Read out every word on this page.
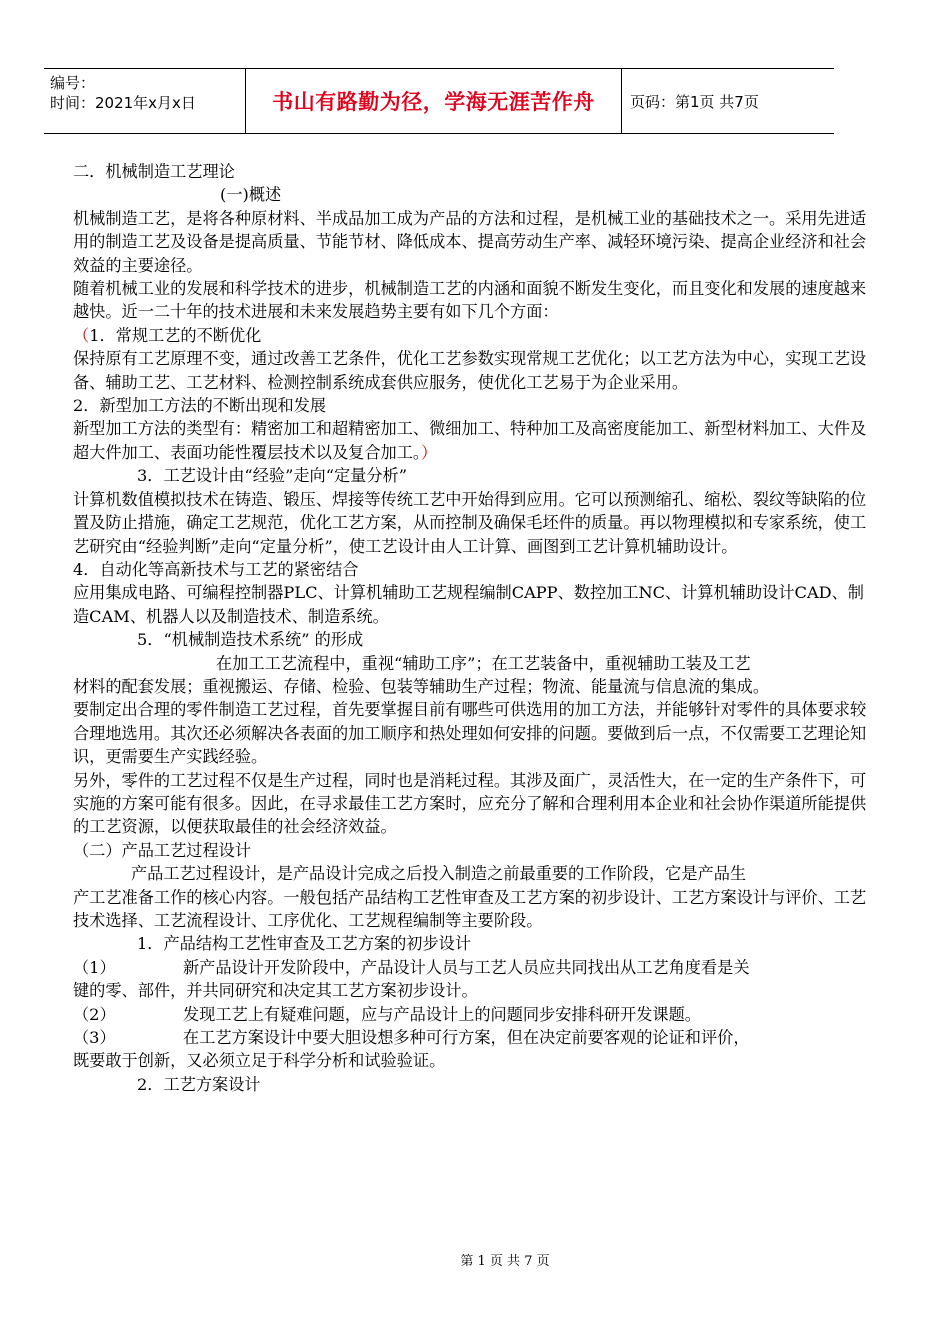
编号：
时间：2021年x月x日	书山有路勤为径，学海无涯苦作舟 页码：第1页 共7页

二．机械制造工艺理论

(一)概述

机械制造工艺，是将各种原材料、半成品加工成为产品的方法和过程，是机械工业的基础技术之一。采用先进适用的制造工艺及设备是提高质量、节能节材、降低成本、提高劳动生产率、减轻环境污染、提高企业经济和社会效益的主要途径。

随着机械工业的发展和科学技术的进步，机械制造工艺的内涵和面貌不断发生变化，而且变化和发展的速度越来越快。近一二十年的技术进展和未来发展趋势主要有如下几个方面：

（1．常规工艺的不断优化

保持原有工艺原理不变，通过改善工艺条件，优化工艺参数实现常规工艺优化；以工艺方法为中心，实现工艺设备、辅助工艺、工艺材料、检测控制系统成套供应服务，使优化工艺易于为企业采用。

2．新型加工方法的不断出现和发展

新型加工方法的类型有：精密加工和超精密加工、微细加工、特种加工及高密度能加工、新型材料加工、大件及超大件加工、表面功能性覆层技术以及复合加工。）

3．工艺设计由“经验”走向“定量分析”

计算机数值模拟技术在铸造、锻压、焊接等传统工艺中开始得到应用。它可以预测缩孔、缩松、裂纹等缺陷的位置及防止措施，确定工艺规范，优化工艺方案，从而控制及确保毛坯件的质量。再以物理模拟和专家系统，使工艺研究由“经验判断”走向“定量分析”，使工艺设计由人工计算、画图到工艺计算机辅助设计。

4．自动化等高新技术与工艺的紧密结合

应用集成电路、可编程控制器PLC、计算机辅助工艺规程编制CAPP、数控加工NC、计算机辅助设计CAD、制造CAM、机器人以及制造技术、制造系统。

5．“机械制造技术系统” 的形成

在加工工艺流程中，重视“辅助工序”；在工艺装备中，重视辅助工装及工艺

材料的配套发展；重视搬运、存储、检验、包装等辅助生产过程；物流、能量流与信息流的集成。

要制定出合理的零件制造工艺过程，首先要掌握目前有哪些可供选用的加工方法，并能够针对零件的具体要求较合理地选用。其次还必须解决各表面的加工顺序和热处理如何安排的问题。要做到后一点，不仅需要工艺理论知识，更需要生产实践经验。

另外，零件的工艺过程不仅是生产过程，同时也是消耗过程。其涉及面广，灵活性大，在一定的生产条件下，可实施的方案可能有很多。因此，在寻求最佳工艺方案时，应充分了解和合理利用本企业和社会协作渠道所能提供的工艺资源，以便获取最佳的社会经济效益。

（二）产品工艺过程设计

产品工艺过程设计，是产品设计完成之后投入制造之前最重要的工作阶段，它是产品生

产工艺准备工作的核心内容。一般包括产品结构工艺性审查及工艺方案的初步设计、工艺方案设计与评价、工艺技术选择、工艺流程设计、工序优化、工艺规程编制等主要阶段。

1．产品结构工艺性审查及工艺方案的初步设计

（1）	新产品设计开发阶段中，产品设计人员与工艺人员应共同找出从工艺角度看是关

键的零、部件，并共同研究和决定其工艺方案初步设计。

（2）	发现工艺上有疑难问题，应与产品设计上的问题同步安排科研开发课题。

（3）	在工艺方案设计中要大胆设想多种可行方案，但在决定前要客观的论证和评价，

既要敢于创新，又必须立足于科学分析和试验验证。

2．工艺方案设计

第 1 页 共 7 页
